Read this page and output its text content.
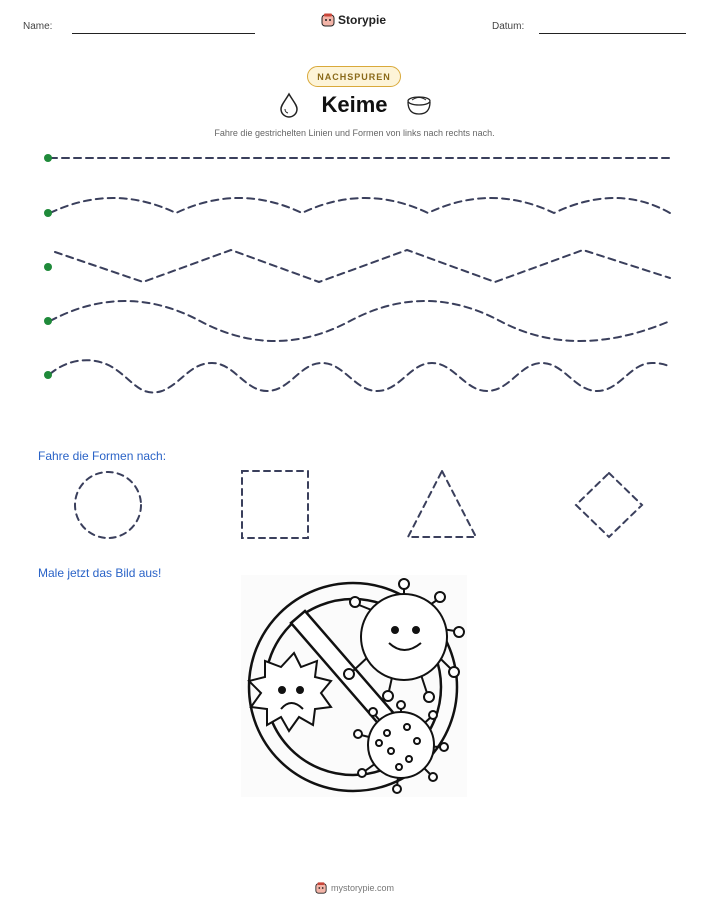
Name:	Storypie	Datum:
NACHSPUREN
Keime
Fahre die gestrichelten Linien und Formen von links nach rechts nach.
Fahre die Formen nach:
Male jetzt das Bild aus!
mystorypie.com
